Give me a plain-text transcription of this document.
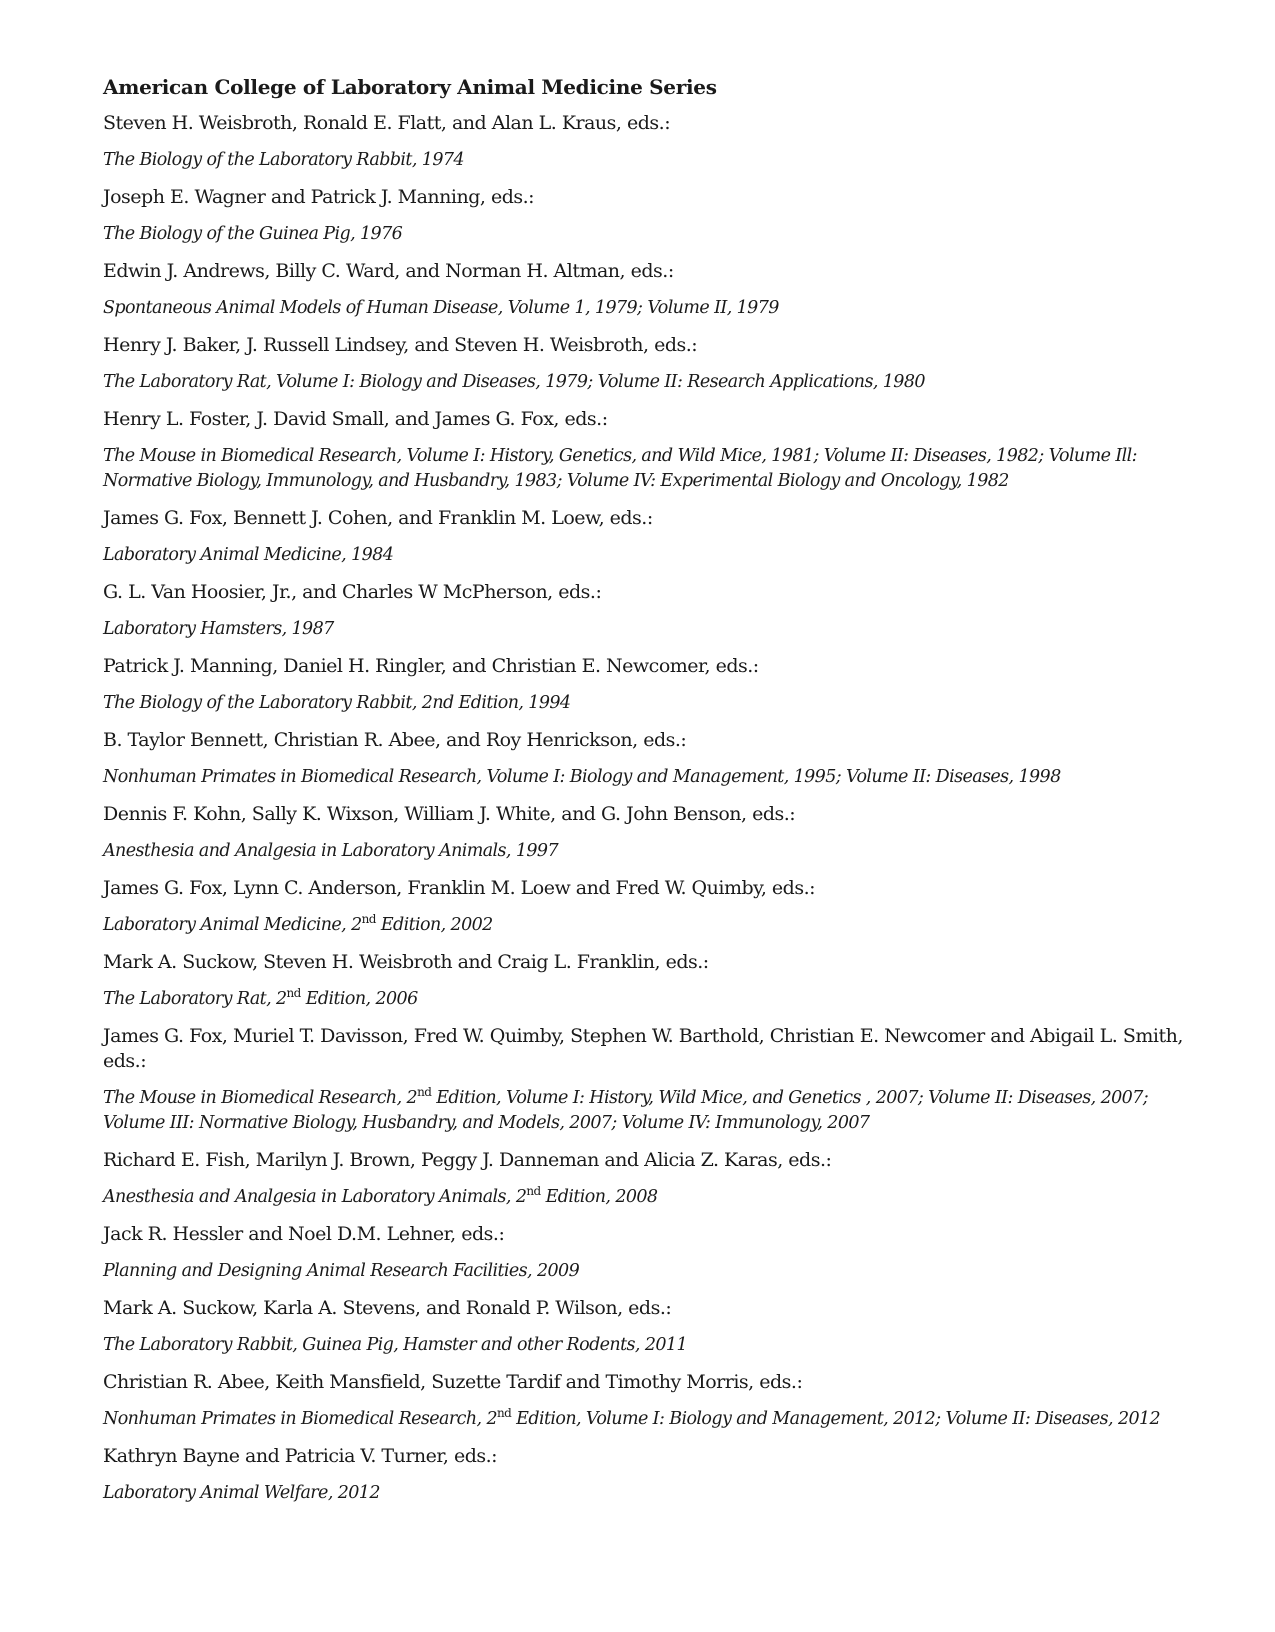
American College of Laboratory Animal Medicine Series

Steven H. Weisbroth, Ronald E. Flatt, and Alan L. Kraus, eds.:

The Biology of the Laboratory Rabbit, 1974

Joseph E. Wagner and Patrick J. Manning, eds.:

The Biology of the Guinea Pig, 1976

Edwin J. Andrews, Billy C. Ward, and Norman H. Altman, eds.:

Spontaneous Animal Models of Human Disease, Volume 1, 1979; Volume II, 1979

Henry J. Baker, J. Russell Lindsey, and Steven H. Weisbroth, eds.:

The Laboratory Rat, Volume I: Biology and Diseases, 1979; Volume II: Research Applications, 1980

Henry L. Foster, J. David Small, and James G. Fox, eds.:

The Mouse in Biomedical Research, Volume I: History, Genetics, and Wild Mice, 1981; Volume II: Diseases, 1982; Volume Ill: Normative Biology, Immunology, and Husbandry, 1983; Volume IV: Experimental Biology and Oncology, 1982

James G. Fox, Bennett J. Cohen, and Franklin M. Loew, eds.:

Laboratory Animal Medicine, 1984

G. L. Van Hoosier, Jr., and Charles W McPherson, eds.:

Laboratory Hamsters, 1987

Patrick J. Manning, Daniel H. Ringler, and Christian E. Newcomer, eds.:

The Biology of the Laboratory Rabbit, 2nd Edition, 1994

B. Taylor Bennett, Christian R. Abee, and Roy Henrickson, eds.:

Nonhuman Primates in Biomedical Research, Volume I: Biology and Management, 1995; Volume II: Diseases, 1998

Dennis F. Kohn, Sally K. Wixson, William J. White, and G. John Benson, eds.:

Anesthesia and Analgesia in Laboratory Animals, 1997

James G. Fox, Lynn C. Anderson, Franklin M. Loew and Fred W. Quimby, eds.:

Laboratory Animal Medicine, 2nd Edition, 2002

Mark A. Suckow, Steven H. Weisbroth and Craig L. Franklin, eds.:

The Laboratory Rat, 2nd Edition, 2006

James G. Fox, Muriel T. Davisson, Fred W. Quimby, Stephen W. Barthold, Christian E. Newcomer and Abigail L. Smith, eds.:

The Mouse in Biomedical Research, 2nd Edition, Volume I: History, Wild Mice, and Genetics , 2007; Volume II: Diseases, 2007; Volume III: Normative Biology, Husbandry, and Models, 2007; Volume IV: Immunology, 2007

Richard E. Fish, Marilyn J. Brown, Peggy J. Danneman and Alicia Z. Karas, eds.:

Anesthesia and Analgesia in Laboratory Animals, 2nd Edition, 2008

Jack R. Hessler and Noel D.M. Lehner, eds.:

Planning and Designing Animal Research Facilities, 2009

Mark A. Suckow, Karla A. Stevens, and Ronald P. Wilson, eds.:

The Laboratory Rabbit, Guinea Pig, Hamster and other Rodents, 2011

Christian R. Abee, Keith Mansfield, Suzette Tardif and Timothy Morris, eds.:

Nonhuman Primates in Biomedical Research, 2nd Edition, Volume I: Biology and Management, 2012; Volume II: Diseases, 2012

Kathryn Bayne and Patricia V. Turner, eds.:

Laboratory Animal Welfare, 2012
